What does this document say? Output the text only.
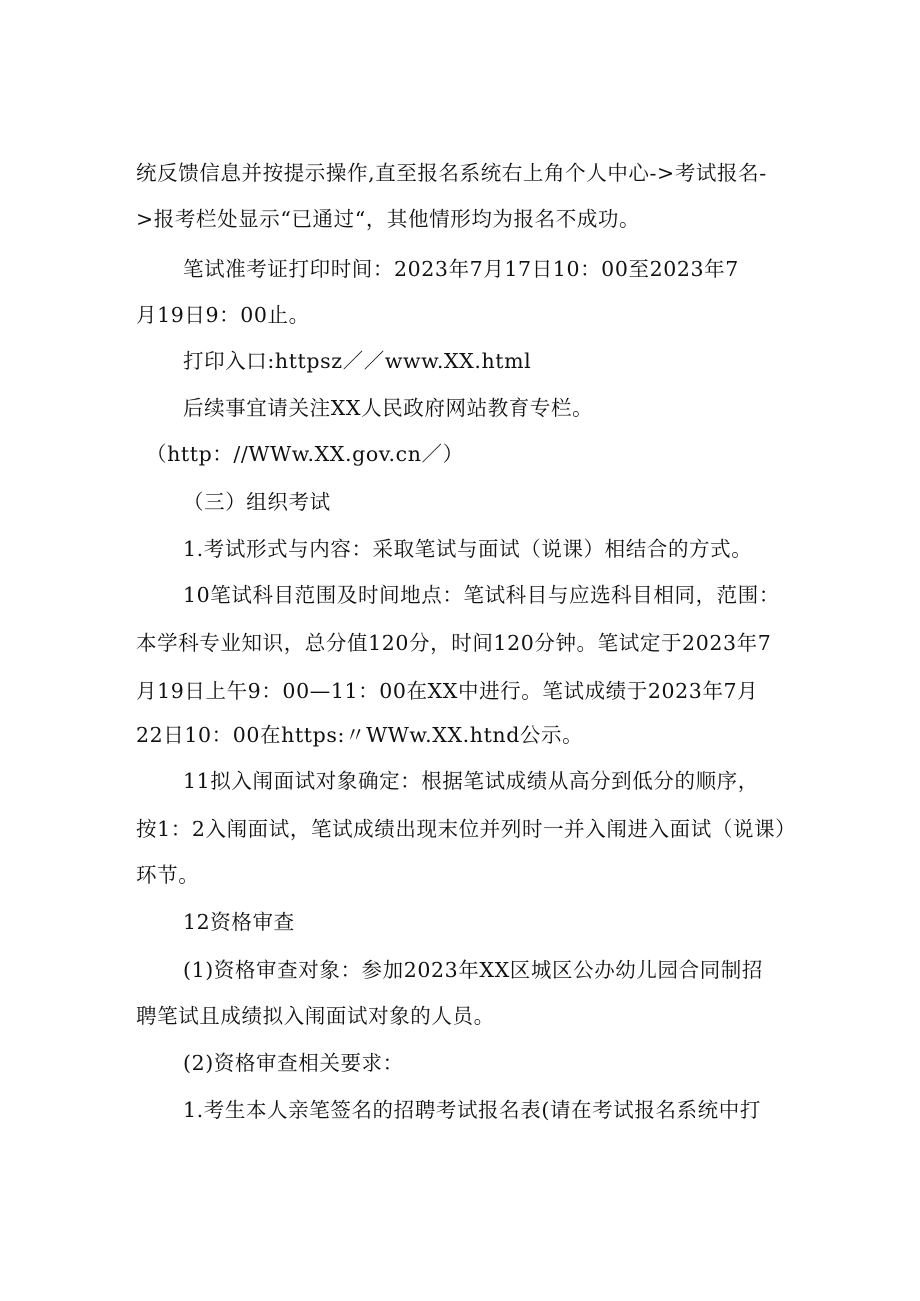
统反馈信息并按提示操作,直至报名系统右上角个人中心->考试报名-
>报考栏处显示“已通过“，其他情形均为报名不成功。
笔试准考证打印时间：2023年7月17日10：00至2023年7
月19日9：00止。
打印入口:httpsz／／www.XX.html
后续事宜请关注XX人民政府网站教育专栏。
（http：//WWw.XX.gov.cn／）
（三）组织考试
1.考试形式与内容：采取笔试与面试（说课）相结合的方式。
10笔试科目范围及时间地点：笔试科目与应选科目相同，范围：
本学科专业知识，总分值120分，时间120分钟。笔试定于2023年7
月19日上午9：00—11：00在XX中进行。笔试成绩于2023年7月
22日10：00在https:〃WWw.XX.htnd公示。
11拟入闱面试对象确定：根据笔试成绩从高分到低分的顺序，
按1：2入闱面试，笔试成绩出现末位并列时一并入闱进入面试（说课）
环节。
12资格审查
(1)资格审查对象：参加2023年XX区城区公办幼儿园合同制招
聘笔试且成绩拟入闱面试对象的人员。
(2)资格审查相关要求：
1.考生本人亲笔签名的招聘考试报名表(请在考试报名系统中打
